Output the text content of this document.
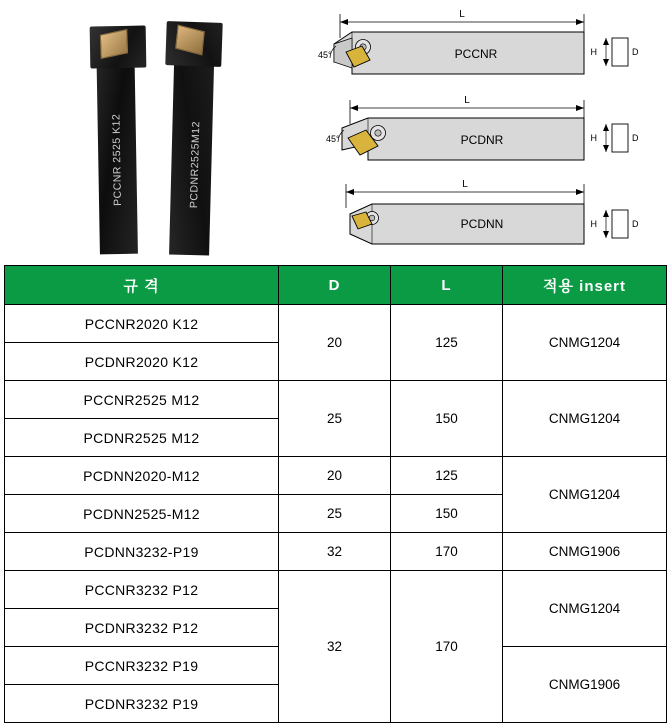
PCCNR 2525 K12	PCDNR2525M12
L
45°	D
H
PCCNR
L
45°	D
H
PCDNR
L
D
H
PCDNN
규 격	D	L	적용 insert
PCCNR2020 K12	20	125	CNMG1204
PCDNR2020 K12			
PCCNR2525 M12	25	150	CNMG1204
PCDNR2525 M12			
PCDNN2020-M12	20	125	CNMG1204
PCDNN2525-M12	25	150	
PCDNN3232-P19	32	170	CNMG1906
PCCNR3232 P12	32	170	CNMG1204
PCDNR3232 P12			
PCCNR3232 P19			CNMG1906
PCDNR3232 P19			
